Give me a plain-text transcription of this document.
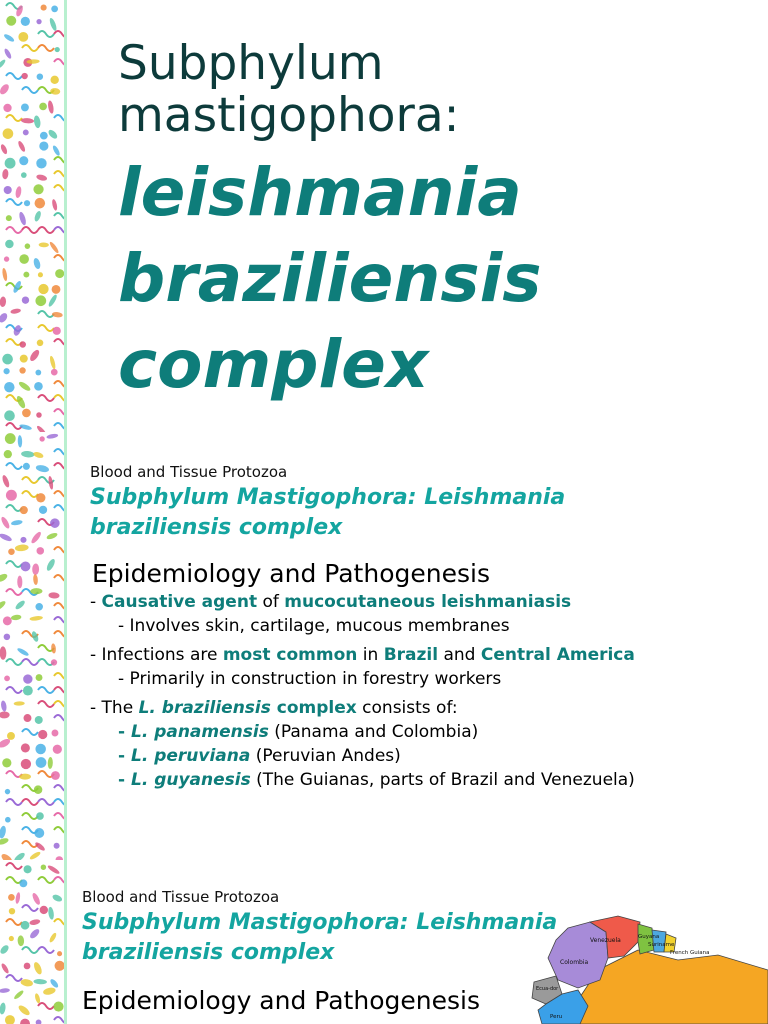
Subphylum

mastigophora:

leishmania
braziliensis
complex

Blood and Tissue Protozoa

Subphylum Mastigophora: Leishmania
braziliensis complex

Epidemiology and Pathogenesis

- Causative agent of mucocutaneous leishmaniasis
- Involves skin, cartilage, mucous membranes
- Infections are most common in Brazil and Central America
- Primarily in construction in forestry workers
- The L. braziliensis complex consists of:
- L. panamensis (Panama and Colombia)
- L. peruviana (Peruvian Andes)
- L. guyanesis (The Guianas, parts of Brazil and Venezuela)

Blood and Tissue Protozoa

Subphylum Mastigophora: Leishmania
braziliensis complex

Epidemiology and Pathogenesis

Venezuela	Guyana
Suriname
French Guiana
Colombia
Ecua-dor
Peru
